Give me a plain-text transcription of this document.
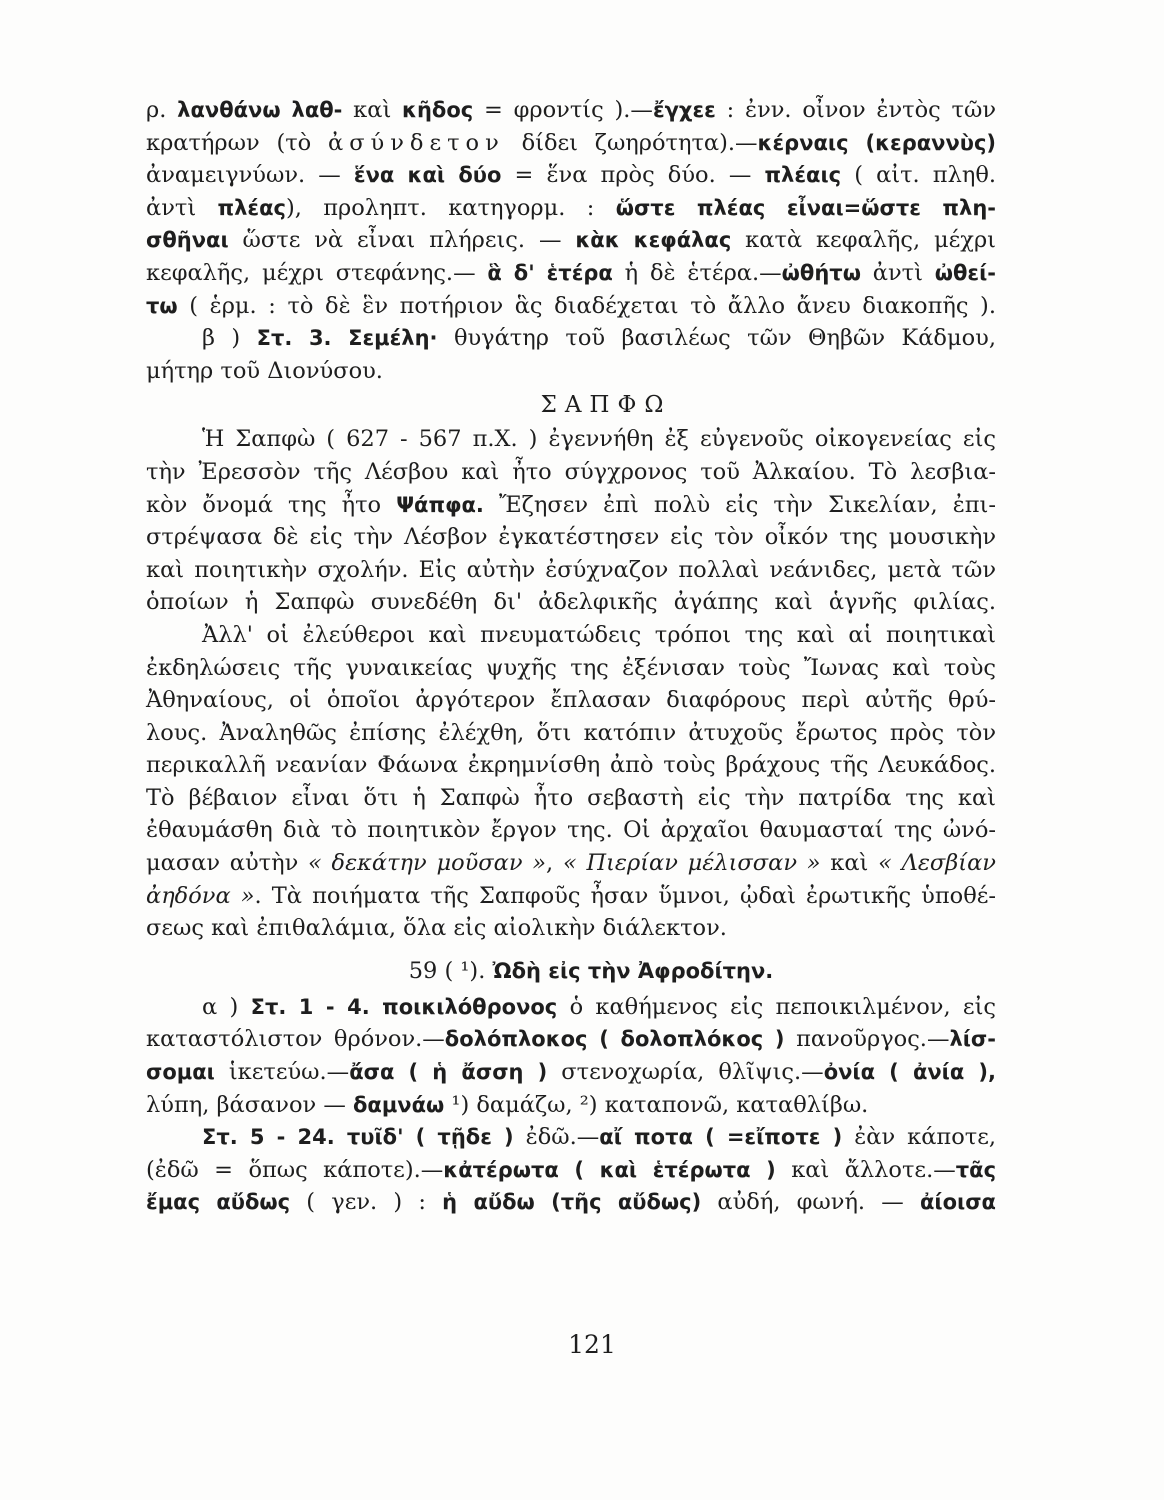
ρ. λανθάνω λαθ- καὶ κῆδος = φροντίς ).—ἔγχεε : ἐνν. οἶνον ἐντὸς τῶν
κρατήρων (τὸ ἀσύνδετον δίδει ζωηρότητα).—κέρναις (κεραννὺς)
ἀναμειγνύων. — ἕνα καὶ δύο = ἕνα πρὸς δύο. — πλέαις ( αἰτ. πληθ.
ἀντὶ πλέας), προληπτ. κατηγορμ. : ὥστε πλέας εἶναι=ὥστε πλη-
σθῆναι ὥστε νὰ εἶναι πλήρεις. — κὰκ κεφάλας κατὰ κεφαλῆς, μέχρι
κεφαλῆς, μέχρι στεφάνης.— ἃ δ' ἑτέρα ἡ δὲ ἑτέρα.—ὠθήτω ἀντὶ ὠθεί-
τω ( ἑρμ. : τὸ δὲ ἓν ποτήριον ἃς διαδέχεται τὸ ἄλλο ἄνευ διακοπῆς ).
β ) Στ. 3. Σεμέλη· θυγάτηρ τοῦ βασιλέως τῶν Θηβῶν Κάδμου,
μήτηρ τοῦ Διονύσου.
ΣΑΠΦΩ
Ἡ Σαπφὼ ( 627 - 567 π.Χ. ) ἐγεννήθη ἐξ εὐγενοῦς οἰκογενείας εἰς
τὴν Ἐρεσσὸν τῆς Λέσβου καὶ ἦτο σύγχρονος τοῦ Ἀλκαίου. Τὸ λεσβια-
κὸν ὄνομά της ἦτο Ψάπφα. Ἔζησεν ἐπὶ πολὺ εἰς τὴν Σικελίαν, ἐπι-
στρέψασα δὲ εἰς τὴν Λέσβον ἐγκατέστησεν εἰς τὸν οἶκόν της μουσικὴν
καὶ ποιητικὴν σχολήν. Εἰς αὐτὴν ἐσύχναζον πολλαὶ νεάνιδες, μετὰ τῶν
ὁποίων ἡ Σαπφὼ συνεδέθη δι' ἀδελφικῆς ἀγάπης καὶ ἁγνῆς φιλίας.
Ἀλλ' οἱ ἐλεύθεροι καὶ πνευματώδεις τρόποι της καὶ αἱ ποιητικαὶ
ἐκδηλώσεις τῆς γυναικείας ψυχῆς της ἐξένισαν τοὺς Ἴωνας καὶ τοὺς
Ἀθηναίους, οἱ ὁποῖοι ἀργότερον ἔπλασαν διαφόρους περὶ αὐτῆς θρύ-
λους. Ἀναληθῶς ἐπίσης ἐλέχθη, ὅτι κατόπιν ἀτυχοῦς ἔρωτος πρὸς τὸν
περικαλλῆ νεανίαν Φάωνα ἐκρημνίσθη ἀπὸ τοὺς βράχους τῆς Λευκάδος.
Τὸ βέβαιον εἶναι ὅτι ἡ Σαπφὼ ἦτο σεβαστὴ εἰς τὴν πατρίδα της καὶ
ἐθαυμάσθη διὰ τὸ ποιητικὸν ἔργον της. Οἱ ἀρχαῖοι θαυμασταί της ὠνό-
μασαν αὐτὴν « δεκάτην μοῦσαν », « Πιερίαν μέλισσαν » καὶ « Λεσβίαν
ἀηδόνα ». Τὰ ποιήματα τῆς Σαπφοῦς ἦσαν ὕμνοι, ᾠδαὶ ἐρωτικῆς ὑποθέ-
σεως καὶ ἐπιθαλάμια, ὅλα εἰς αἰολικὴν διάλεκτον.
59 ( ¹). Ὠδὴ εἰς τὴν Ἀφροδίτην.
α ) Στ. 1 - 4. ποικιλόθρονος ὁ καθήμενος εἰς πεποικιλμένον, εἰς
καταστόλιστον θρόνον.—δολόπλοκος ( δολοπλόκος ) πανοῦργος.—λίσ-
σομαι ἱκετεύω.—ἄσα ( ἡ ἄσση ) στενοχωρία, θλῖψις.—ὀνία ( ἀνία ),
λύπη, βάσανον — δαμνάω ¹) δαμάζω, ²) καταπονῶ, καταθλίβω.
Στ. 5 - 24. τυῖδ' ( τῇδε ) ἐδῶ.—αἴ ποτα ( =εἴποτε ) ἐὰν κάποτε,
(ἐδῶ = ὅπως κάποτε).—κἀτέρωτα ( καὶ ἑτέρωτα ) καὶ ἄλλοτε.—τᾶς
ἔμας αὔδως ( γεν. ) : ἡ αὔδω (τῆς αὔδως) αὐδή, φωνή. — ἀίοισα
121
